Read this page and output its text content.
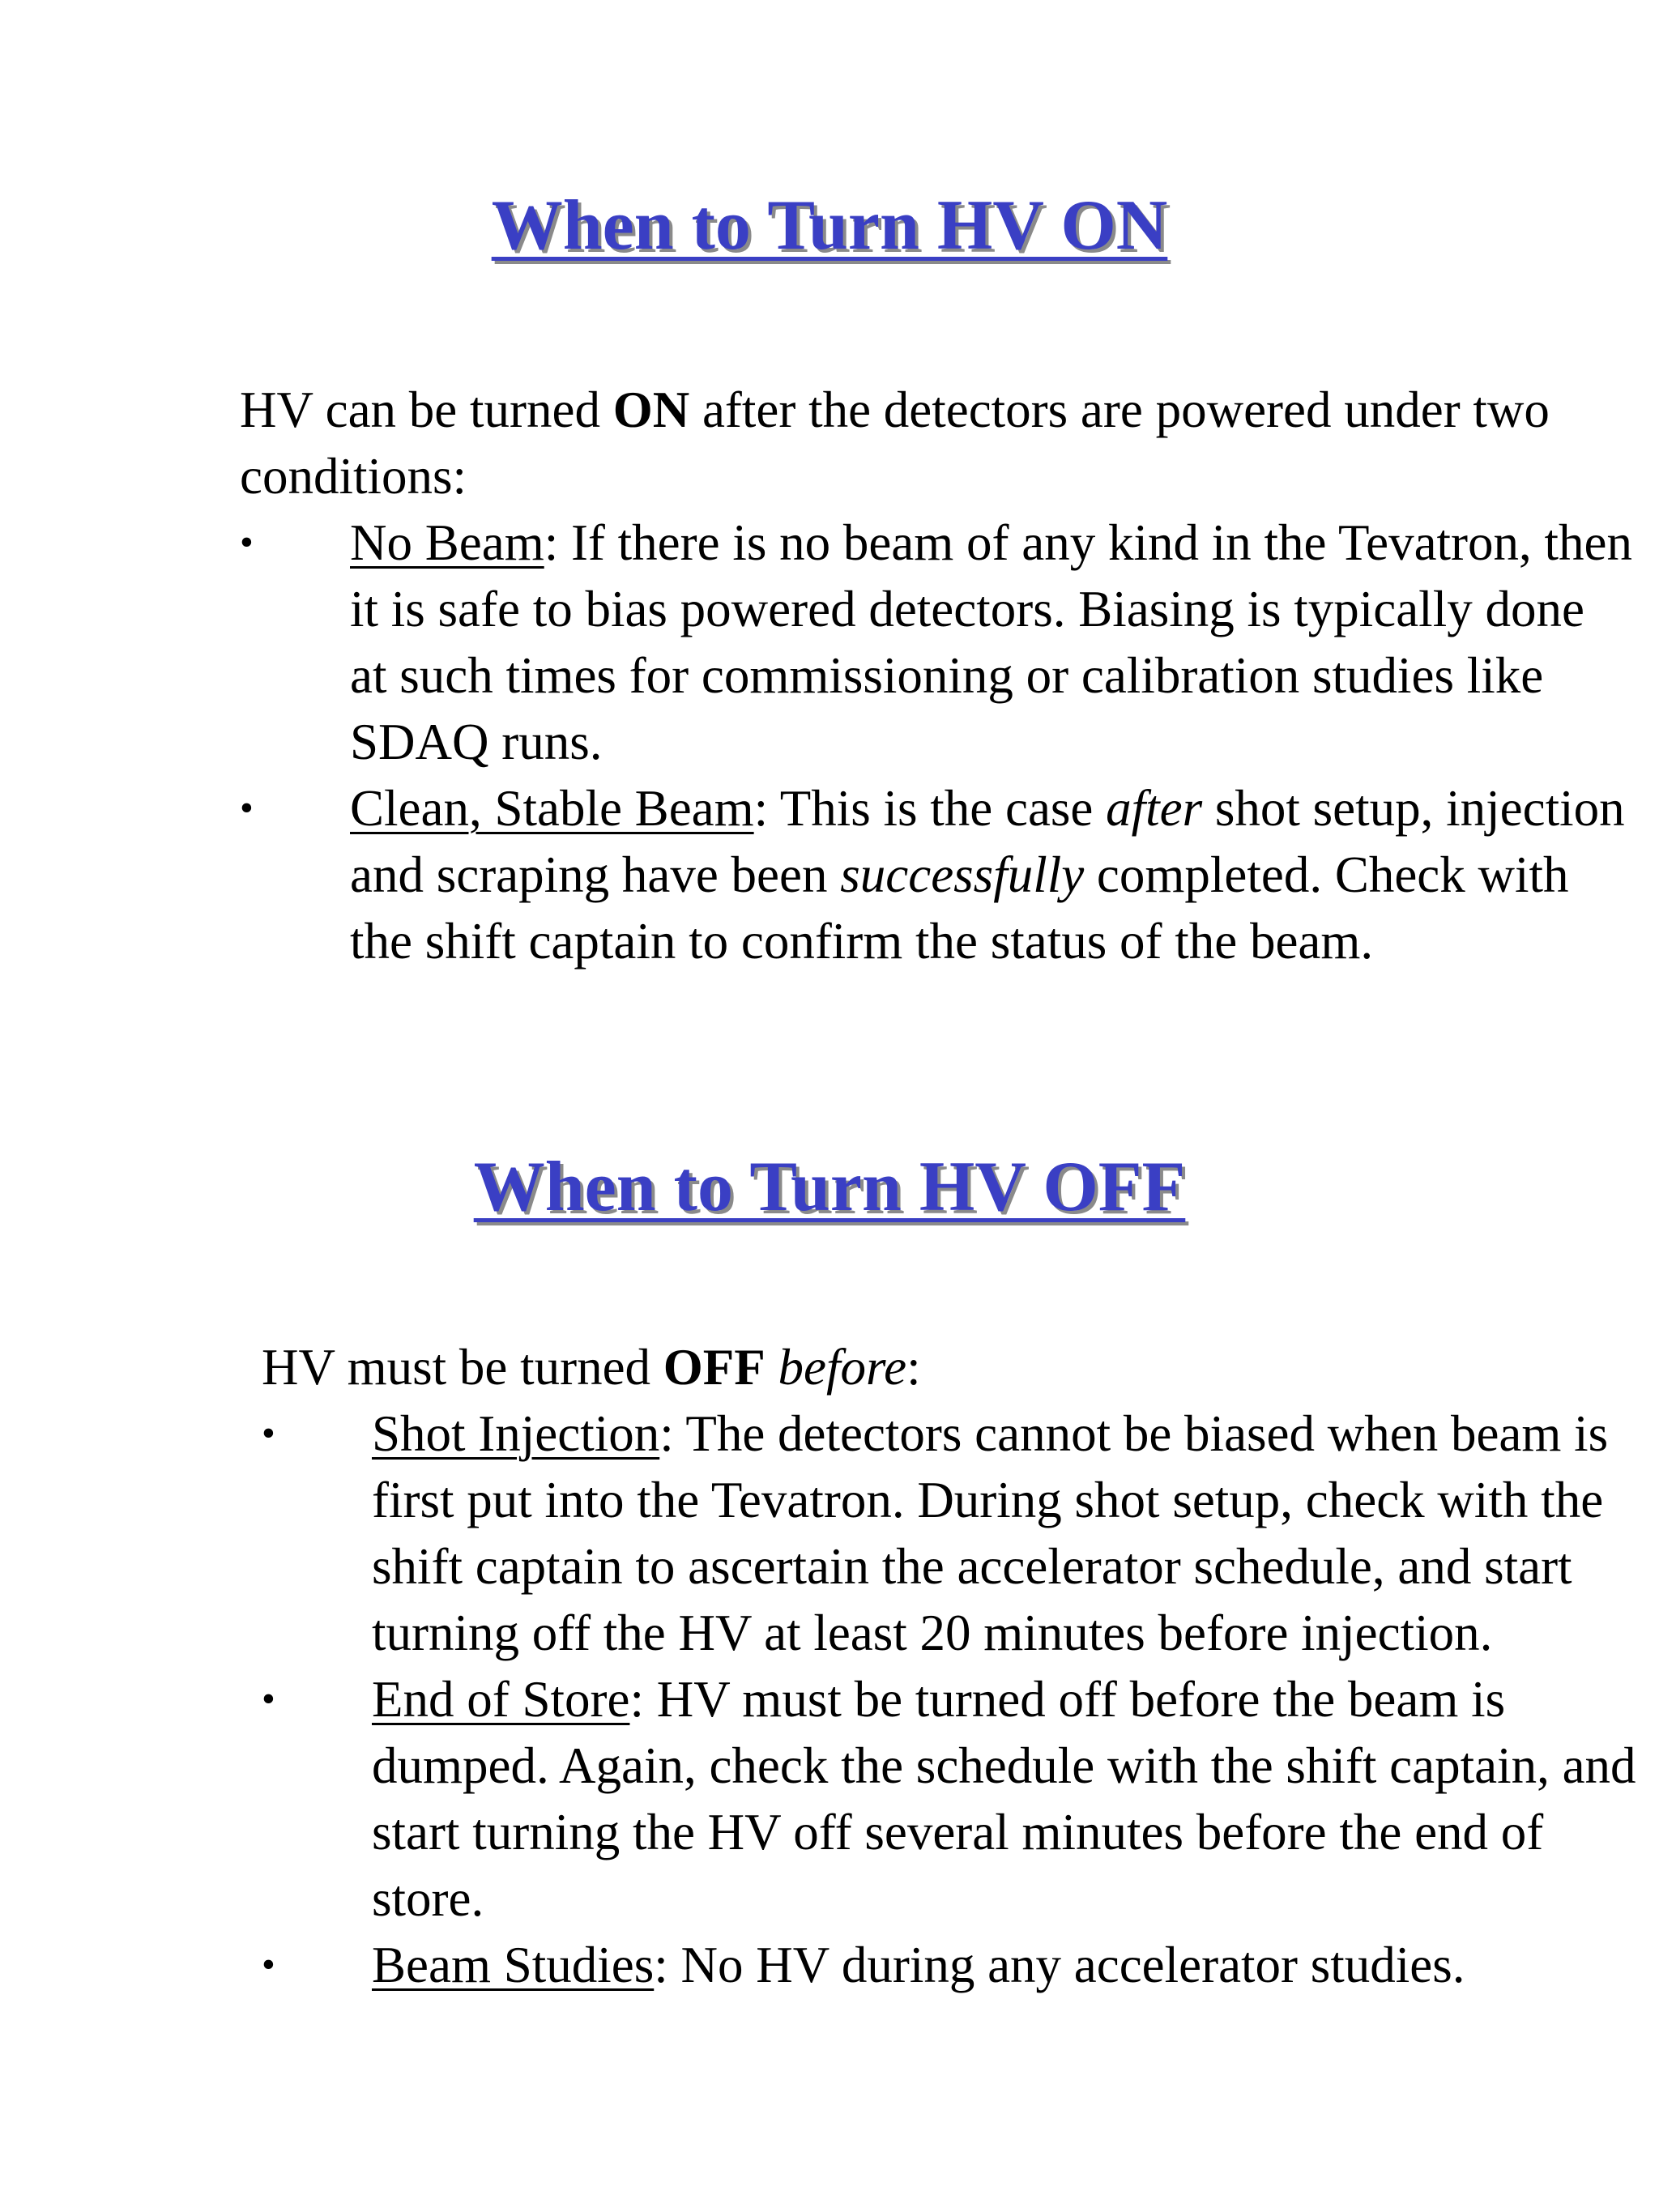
When to Turn HV ON

HV can be turned ON after the detectors are powered under two conditions:

• No Beam: If there is no beam of any kind in the Tevatron, then it is safe to bias powered detectors. Biasing is typically done at such times for commissioning or calibration studies like SDAQ runs.
• Clean, Stable Beam: This is the case after shot setup, injection and scraping have been successfully completed. Check with the shift captain to confirm the status of the beam.
When to Turn HV OFF

HV must be turned OFF before:

• Shot Injection: The detectors cannot be biased when beam is first put into the Tevatron. During shot setup, check with the shift captain to ascertain the accelerator schedule, and start turning off the HV at least 20 minutes before injection.
• End of Store: HV must be turned off before the beam is dumped. Again, check the schedule with the shift captain, and start turning the HV off several minutes before the end of store.
• Beam Studies: No HV during any accelerator studies.
